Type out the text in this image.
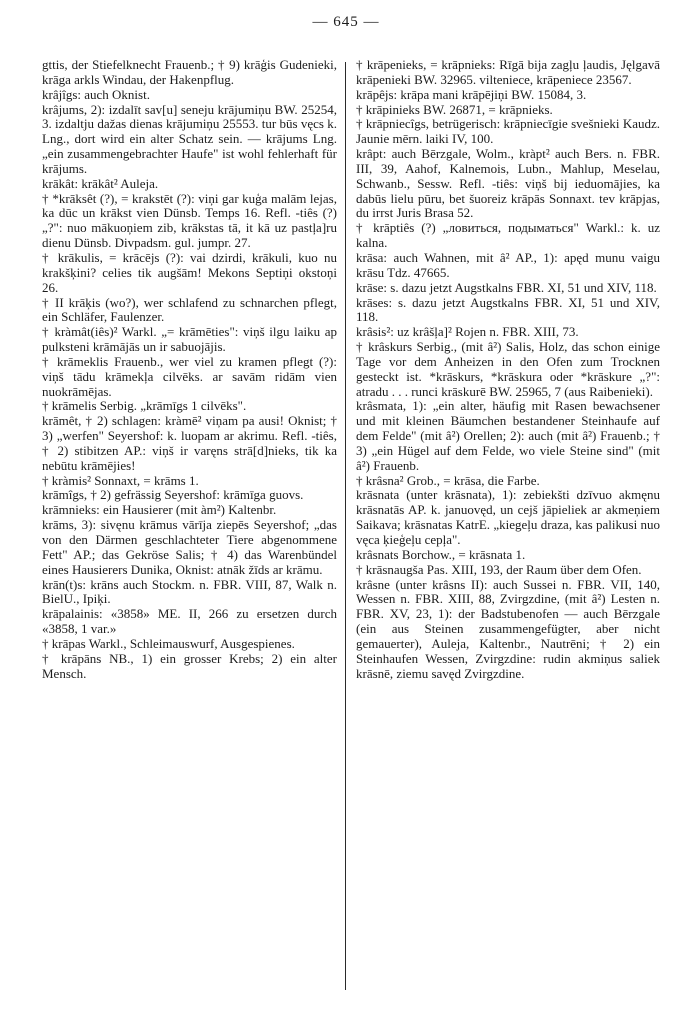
— 645 —
gttis, der Stiefelknecht Frauenb.; † 9) krāģis Gudenieki, krāga arkls Windau, der Hakenpflug.
krâjîgs: auch Oknist.
krâjums, 2): izdalīt sav[u] seneju krājumiņu BW. 25254, 3. izdaltju dažas dienas krājumiņu 25553. tur būs vęcs k. Lng., dort wird ein alter Schatz sein. — krājums Lng. „ein zusammengebrachter Haufe" ist wohl fehlerhaft für krājums.
krākât: krākât² Auleja.
† *krāksêt (?), = krakstēt (?): viņi gar kuģa malām lejas, ka dūc un krākst vien Dünsb. Temps 16. Refl. -tiês (?) „?": nuo mākuoņiem zib, krākstas tā, it kā uz pastļa]ru dienu Dünsb. Divpadsm. gul. jumpr. 27.
† krākulis, = krācējs (?): vai dzirdi, krākuli, kuo nu krakšķini? celies tik augšām! Mekons Septiņi okstoņi 26.
† II krāķis (wo?), wer schlafend zu schnarchen pflegt, ein Schläfer, Faulenzer.
† kràmât(iês)² Warkl. „= krāmēties": viņš ilgu laiku ap pulksteni krāmājās un ir sabuojājis.
† krāmeklis Frauenb., wer viel zu kramen pflegt (?): viņš tādu krāmekļa cilvēks. ar savām ridām vien nuokrāmējas.
† krāmelis Serbig. „krāmīgs 1 cilvēks".
krāmêt, † 2) schlagen: kràmē² viņam pa ausi! Oknist; † 3) „werfen" Seyershof: k. luopam ar akrimu. Refl. -tiês, † 2) stibitzen AP.: viņš ir varęns strā[d]nieks, tik ka nebūtu krāmējies!
† kràmis² Sonnaxt, = krāms 1.
krāmîgs, † 2) gefrässig Seyershof: krāmīga guovs.
krāmnieks: ein Hausierer (mit àm²) Kaltenbr.
krāms, 3): sivęnu krāmus vārīja ziepēs Seyershof; „das von den Därmen geschlachteter Tiere abgenommene Fett" AP.; das Gekröse Salis; † 4) das Warenbündel eines Hausierers Dunika, Oknist: atnāk žīds ar krāmu.
krān(t)s: krāns auch Stockm. n. FBR. VIII, 87, Walk n. BielU., Ipiķi.
krāpalainis: «3858» ME. II, 266 zu ersetzen durch «3858, 1 var.»
† krāpas Warkl., Schleimauswurf, Ausgespienes.
† krāpāns NB., 1) ein grosser Krebs; 2) ein alter Mensch.
† krāpenieks, = krāpnieks: Rīgā bija zagļu ļaudis, Jęlgavā krāpenieki BW. 32965. vilteniece, krāpeniece 23567.
krāpêjs: krāpa mani krāpējiņi BW. 15084, 3.
† krāpinieks BW. 26871, = krāpnieks.
† krāpniecîgs, betrügerisch: krāpniecīgie svešnieki Kaudz. Jaunie mērn. laiki IV, 100.
krâpt: auch Bērzgale, Wolm., kràpt² auch Bers. n. FBR. III, 39, Aahof, Kalnemois, Lubn., Mahlup, Meselau, Schwanb., Sessw. Refl. -tiês: viņš bij ieduomājies, ka dabūs lielu pūru, bet šuoreiz krāpās Sonnaxt. tev krāpjas, du irrst Juris Brasa 52.
† krāptiês (?) „ловиться, подыматься" Warkl.: k. uz kalna.
krāsa: auch Wahnen, mit â² AP., 1): apęd munu vaigu krāsu Tdz. 47665.
krāse: s. dazu jetzt Augstkalns FBR. XI, 51 und XIV, 118.
krāses: s. dazu jetzt Augstkalns FBR. XI, 51 und XIV, 118.
krâsis²: uz krâšļa]² Rojen n. FBR. XIII, 73.
† krâskurs Serbig., (mit â²) Salis, Holz, das schon einige Tage vor dem Anheizen in den Ofen zum Trocknen gesteckt ist. *krāskurs, *krāskura oder *krāskure „?": atradu . . . runci krāskurē BW. 25965, 7 (aus Raibenieki).
krâsmata, 1): „ein alter, häufig mit Rasen bewachsener und mit kleinen Bäumchen bestandener Steinhaufe auf dem Felde" (mit â²) Orellen; 2): auch (mit â²) Frauenb.; † 3) „ein Hügel auf dem Felde, wo viele Steine sind" (mit â²) Frauenb.
† krâsna² Grob., = krāsa, die Farbe.
krāsnata (unter krāsnata), 1): zebiekšti dzīvuo akmęnu krāsnatās AP. k. januovęd, un cejš jāpieliek ar akmeņiem Saikava; krāsnatas KatrE. „kiegeļu draza, kas palikusi nuo vęca ķieģeļu cepļa".
krâsnats Borchow., = krāsnata 1.
† krāsnaugša Pas. XIII, 193, der Raum über dem Ofen.
krâsne (unter krâsns II): auch Sussei n. FBR. VII, 140, Wessen n. FBR. XIII, 88, Zvirgzdine, (mit â²) Lesten n. FBR. XV, 23, 1): der Badstubenofen — auch Bērzgale (ein aus Steinen zusammengefügter, aber nicht gemauerter), Auleja, Kaltenbr., Nautrēni; † 2) ein Steinhaufen Wessen, Zvirgzdine: rudin akmiņus saliek krāsnē, ziemu savęd Zvirgzdine.
